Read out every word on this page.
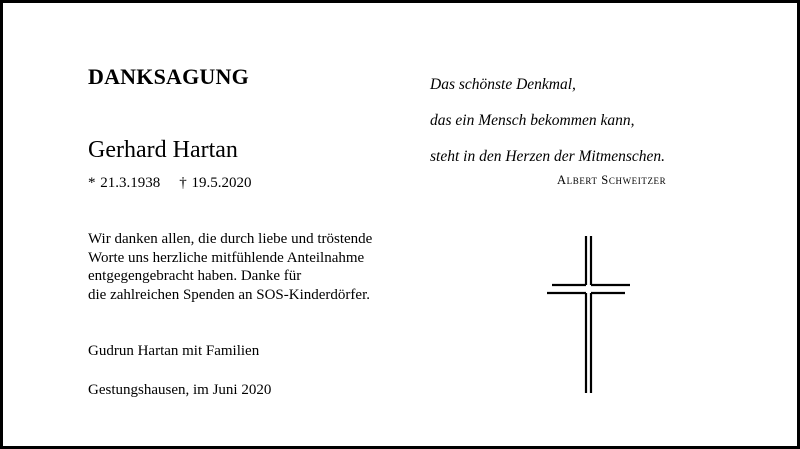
DANKSAGUNG
Gerhard Hartan
* 21.3.1938 † 19.5.2020
Wir danken allen, die durch liebe und tröstende
Worte uns herzliche mitfühlende Anteilnahme
entgegengebracht haben. Danke für
die zahlreichen Spenden an SOS-Kinderdörfer.
Gudrun Hartan mit Familien
Gestungshausen, im Juni 2020
Das schönste Denkmal,
das ein Mensch bekommen kann,
steht in den Herzen der Mitmenschen.
Albert Schweitzer
